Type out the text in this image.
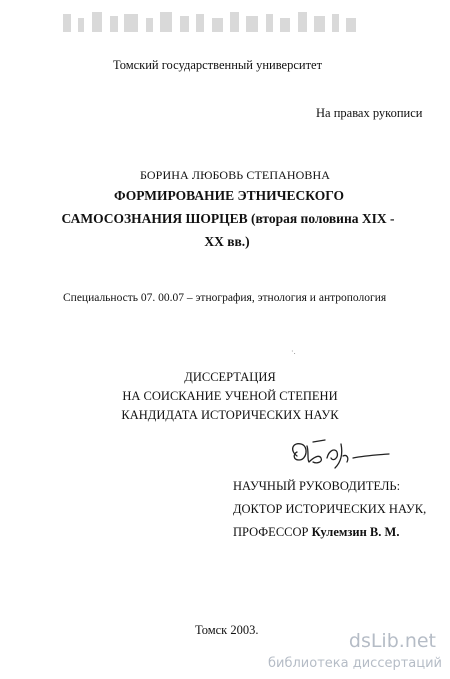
Томский государственный университет
На правах рукописи
БОРИНА ЛЮБОВЬ СТЕПАНОВНА
ФОРМИРОВАНИЕ ЭТНИЧЕСКОГО
САМОСОЗНАНИЯ ШОРЦЕВ (вторая половина XIX -
XX вв.)
Специальность 07. 00.07 – этнография, этнология и антропология
·.
ДИССЕРТАЦИЯ
НА СОИСКАНИЕ УЧЕНОЙ СТЕПЕНИ
КАНДИДАТА ИСТОРИЧЕСКИХ НАУК
НАУЧНЫЙ РУКОВОДИТЕЛЬ:
ДОКТОР ИСТОРИЧЕСКИХ НАУК,
ПРОФЕССОР Кулемзин В. М.
Томск 2003.	dsLib.net
библиотека диссертаций
